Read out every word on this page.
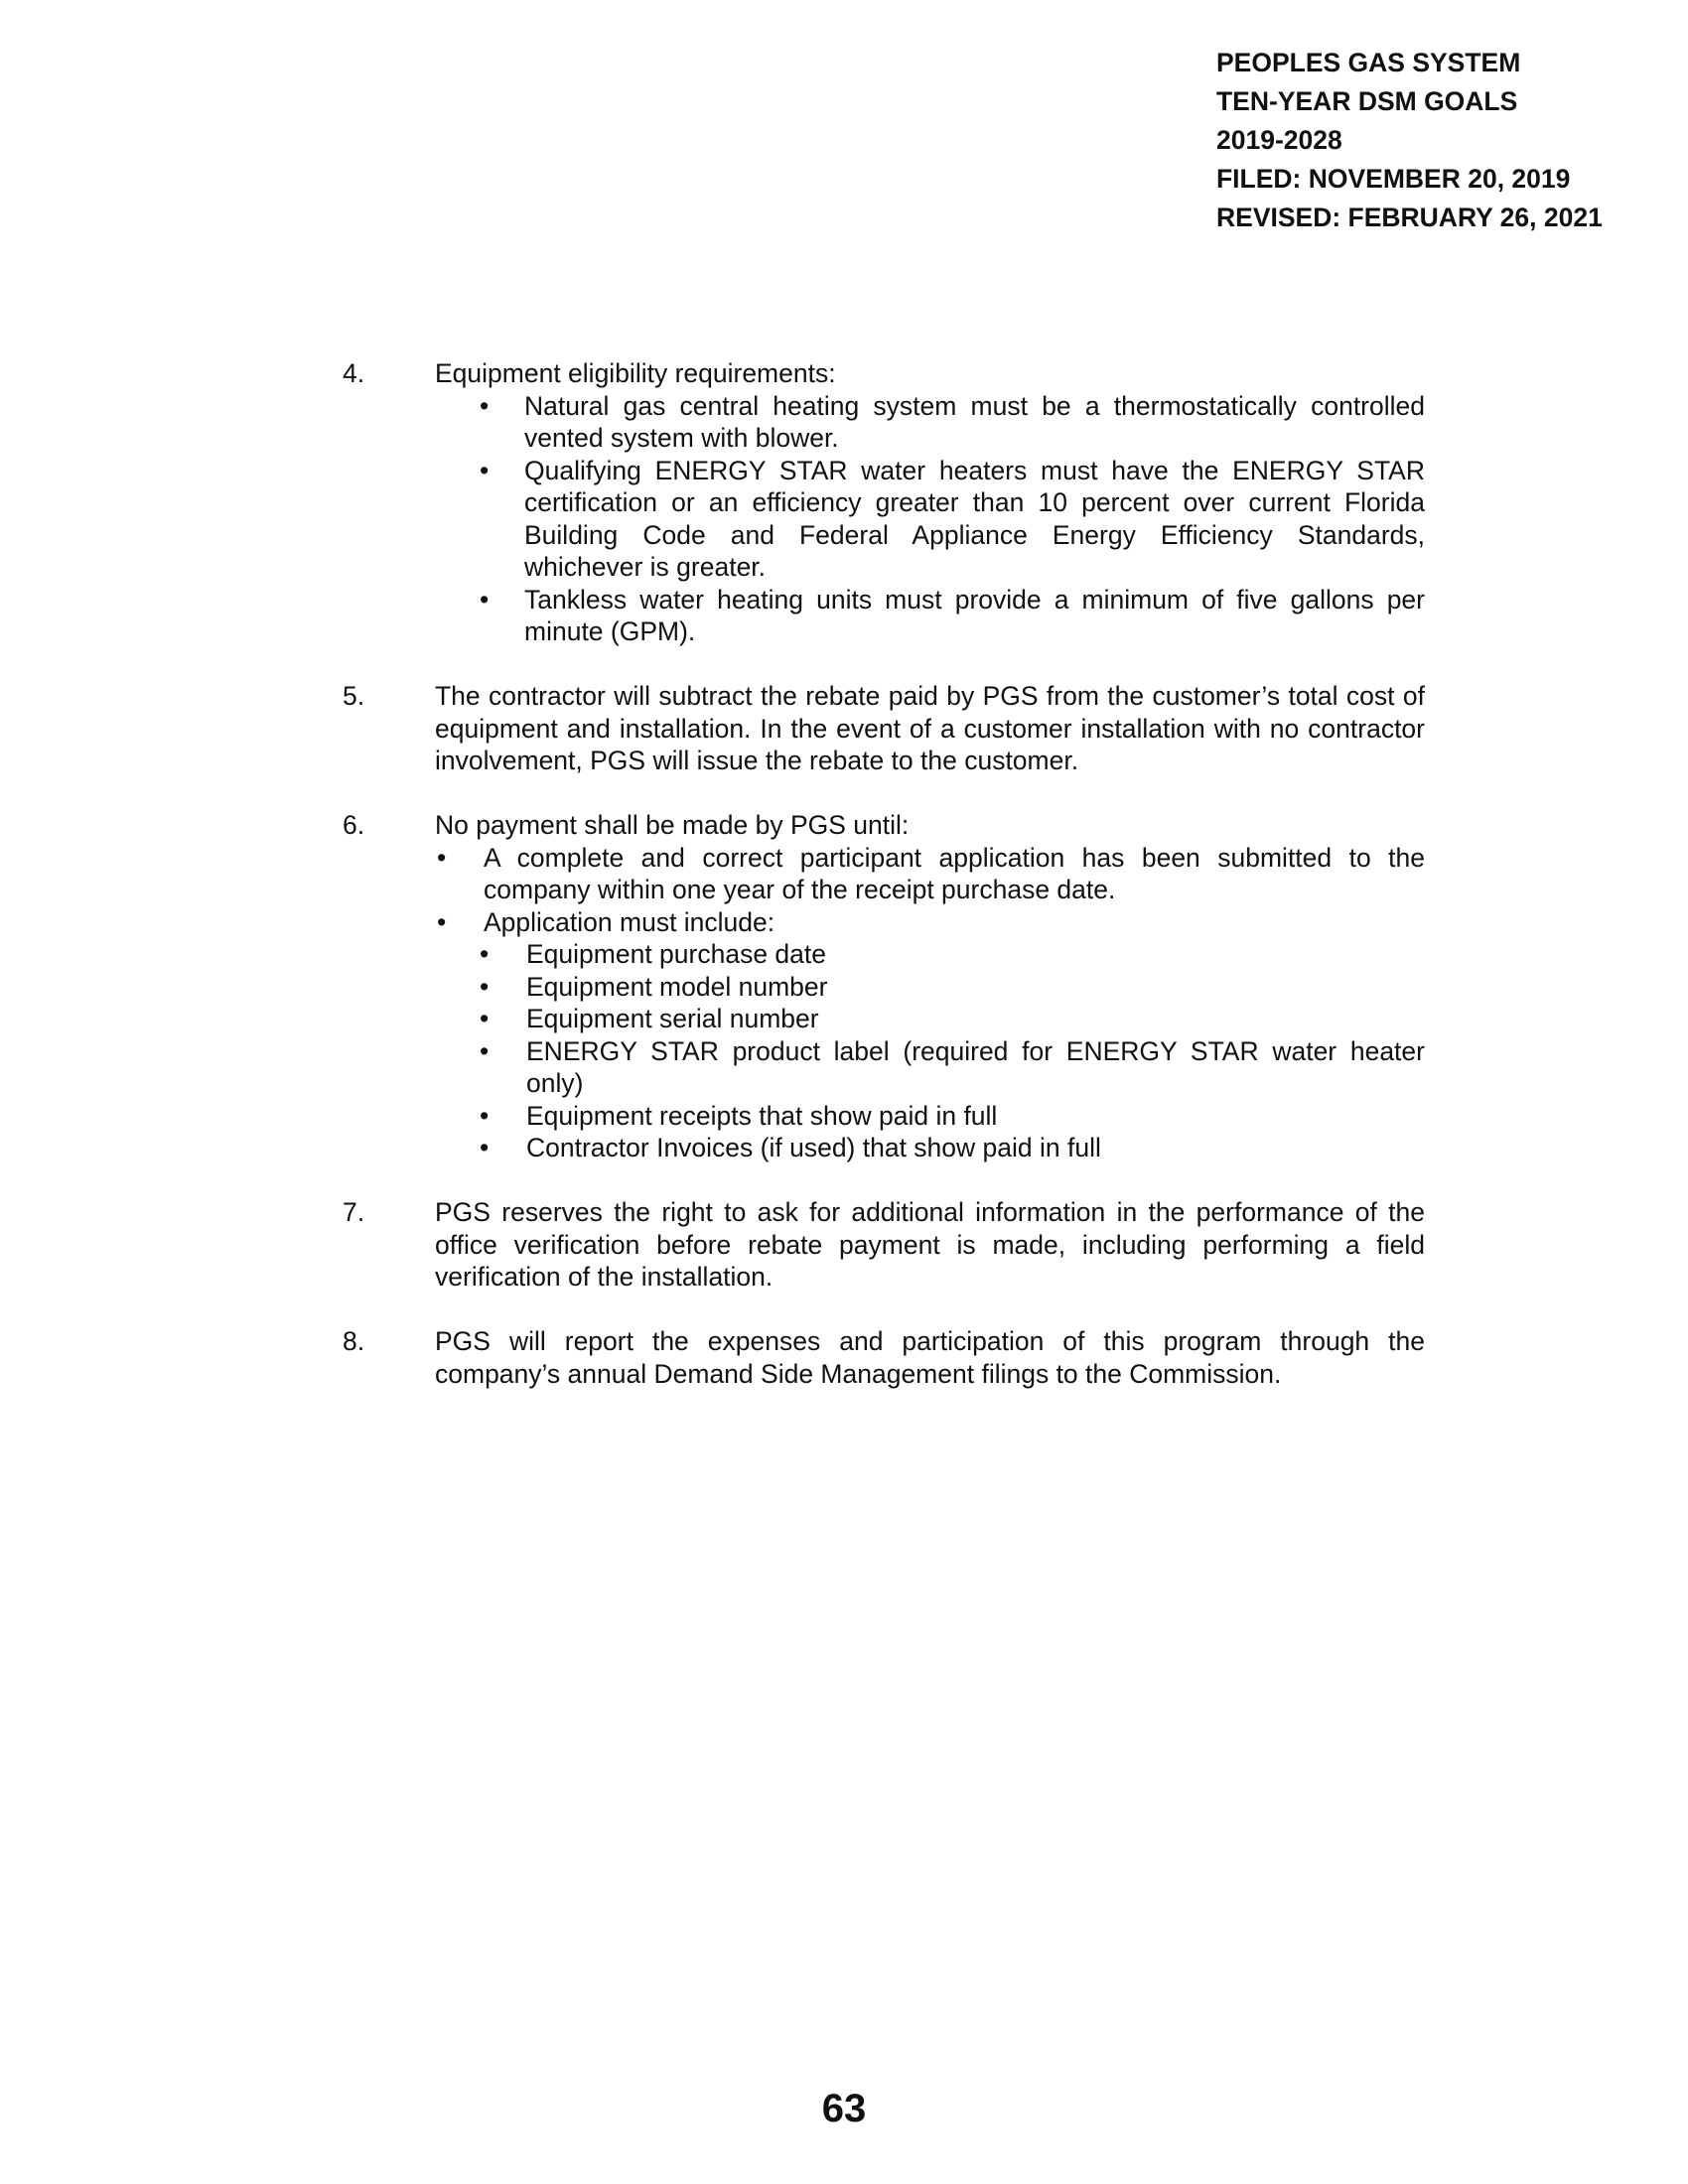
PEOPLES GAS SYSTEM
TEN-YEAR DSM GOALS
2019-2028
FILED: NOVEMBER 20, 2019
REVISED: FEBRUARY 26, 2021
4.	Equipment eligibility requirements:
•	Natural gas central heating system must be a thermostatically controlled vented system with blower.
•	Qualifying ENERGY STAR water heaters must have the ENERGY STAR certification or an efficiency greater than 10 percent over current Florida Building Code and Federal Appliance Energy Efficiency Standards, whichever is greater.
•	Tankless water heating units must provide a minimum of five gallons per minute (GPM).
5.	The contractor will subtract the rebate paid by PGS from the customer’s total cost of equipment and installation. In the event of a customer installation with no contractor involvement, PGS will issue the rebate to the customer.
6.	No payment shall be made by PGS until:
•	A complete and correct participant application has been submitted to the company within one year of the receipt purchase date.
•	Application must include:
•	Equipment purchase date
•	Equipment model number
•	Equipment serial number
•	ENERGY STAR product label (required for ENERGY STAR water heater only)
•	Equipment receipts that show paid in full
•	Contractor Invoices (if used) that show paid in full
7.	PGS reserves the right to ask for additional information in the performance of the office verification before rebate payment is made, including performing a field verification of the installation.
8.	PGS will report the expenses and participation of this program through the company’s annual Demand Side Management filings to the Commission.
63
